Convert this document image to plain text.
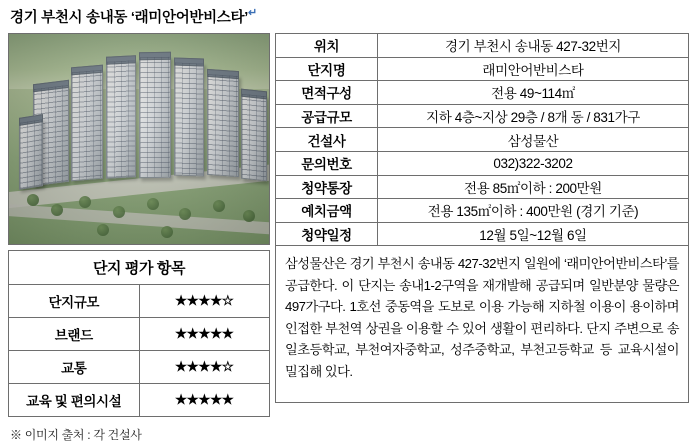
경기 부천시 송내동 ‘래미안어반비스타’↵
단지 평가 항목	
단지규모	★★★★☆
브랜드	★★★★★
교통	★★★★☆
교육 및 편의시설	★★★★★
※ 이미지 출처 : 각 건설사
위치	경기 부천시 송내동 427-32번지
단지명	래미안어반비스타
면적구성	전용 49~114㎡
공급규모	지하 4층~지상 29층 / 8개 동 / 831가구
건설사	삼성물산
문의번호	032)322-3202
청약통장	전용 85㎡이하 : 200만원
예치금액	전용 135㎡이하 : 400만원 (경기 기준)
청약일정	12월 5일~12월 6일
삼성물산은 경기 부천시 송내동 427-32번지 일원에 ‘래미안어반비스타’를 공급한다. 이 단지는 송내1-2구역을 재개발해 공급되며 일반분양 물량은 497가구다. 1호선 중동역을 도보로 이용 가능해 지하철 이용이 용이하며 인접한 부천역 상권을 이용할 수 있어 생활이 편리하다. 단지 주변으로 송일초등학교, 부천여자중학교, 성주중학교, 부천고등학교 등 교육시설이 밀집해 있다.
